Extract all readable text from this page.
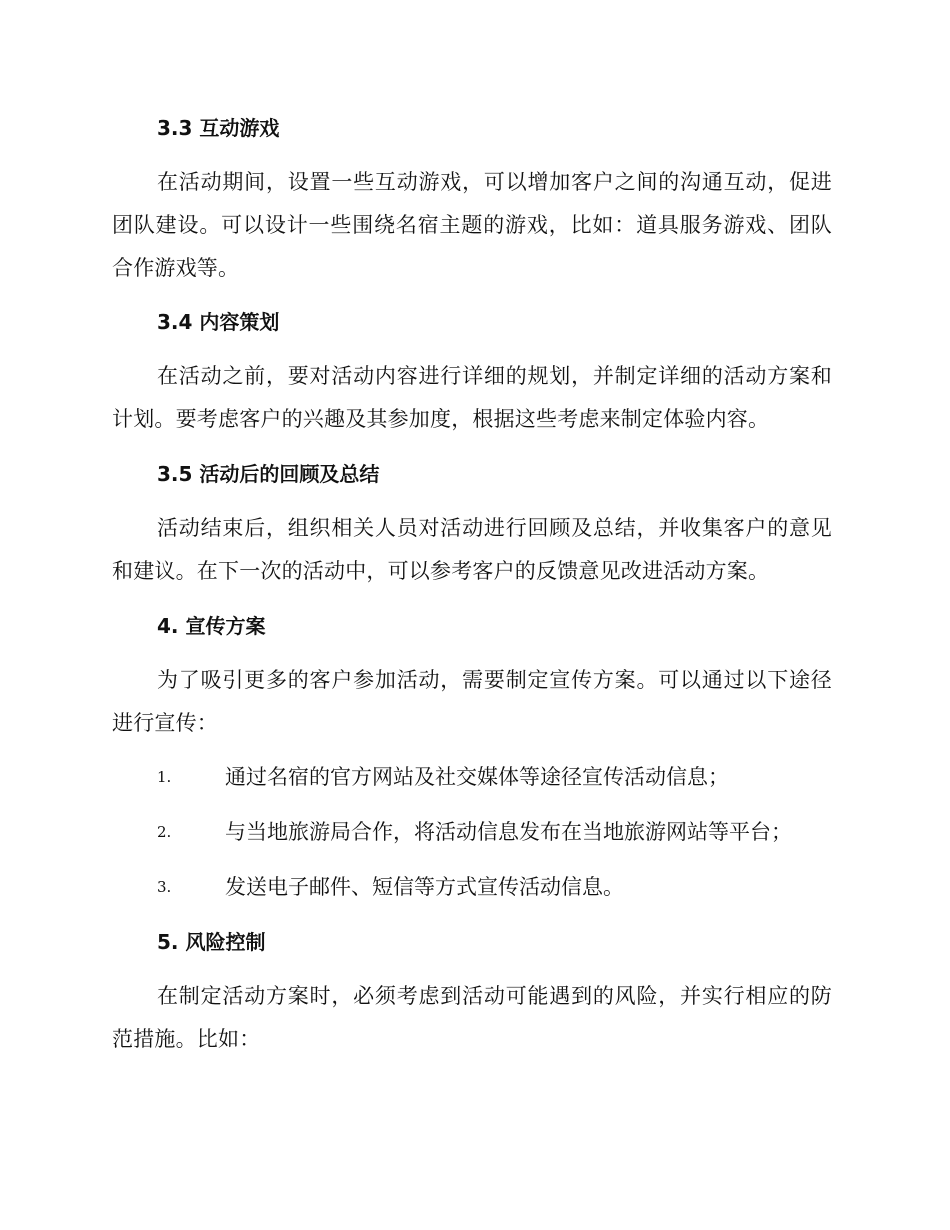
3.3 互动游戏
在活动期间，设置一些互动游戏，可以增加客户之间的沟通互动，促进团队建设。可以设计一些围绕名宿主题的游戏，比如：道具服务游戏、团队合作游戏等。
3.4 内容策划
在活动之前，要对活动内容进行详细的规划，并制定详细的活动方案和计划。要考虑客户的兴趣及其参加度，根据这些考虑来制定体验内容。
3.5 活动后的回顾及总结
活动结束后，组织相关人员对活动进行回顾及总结，并收集客户的意见和建议。在下一次的活动中，可以参考客户的反馈意见改进活动方案。
4. 宣传方案
为了吸引更多的客户参加活动，需要制定宣传方案。可以通过以下途径进行宣传：
1.	通过名宿的官方网站及社交媒体等途径宣传活动信息；
2.	与当地旅游局合作，将活动信息发布在当地旅游网站等平台；
3.	发送电子邮件、短信等方式宣传活动信息。
5. 风险控制
在制定活动方案时，必须考虑到活动可能遇到的风险，并实行相应的防范措施。比如：
